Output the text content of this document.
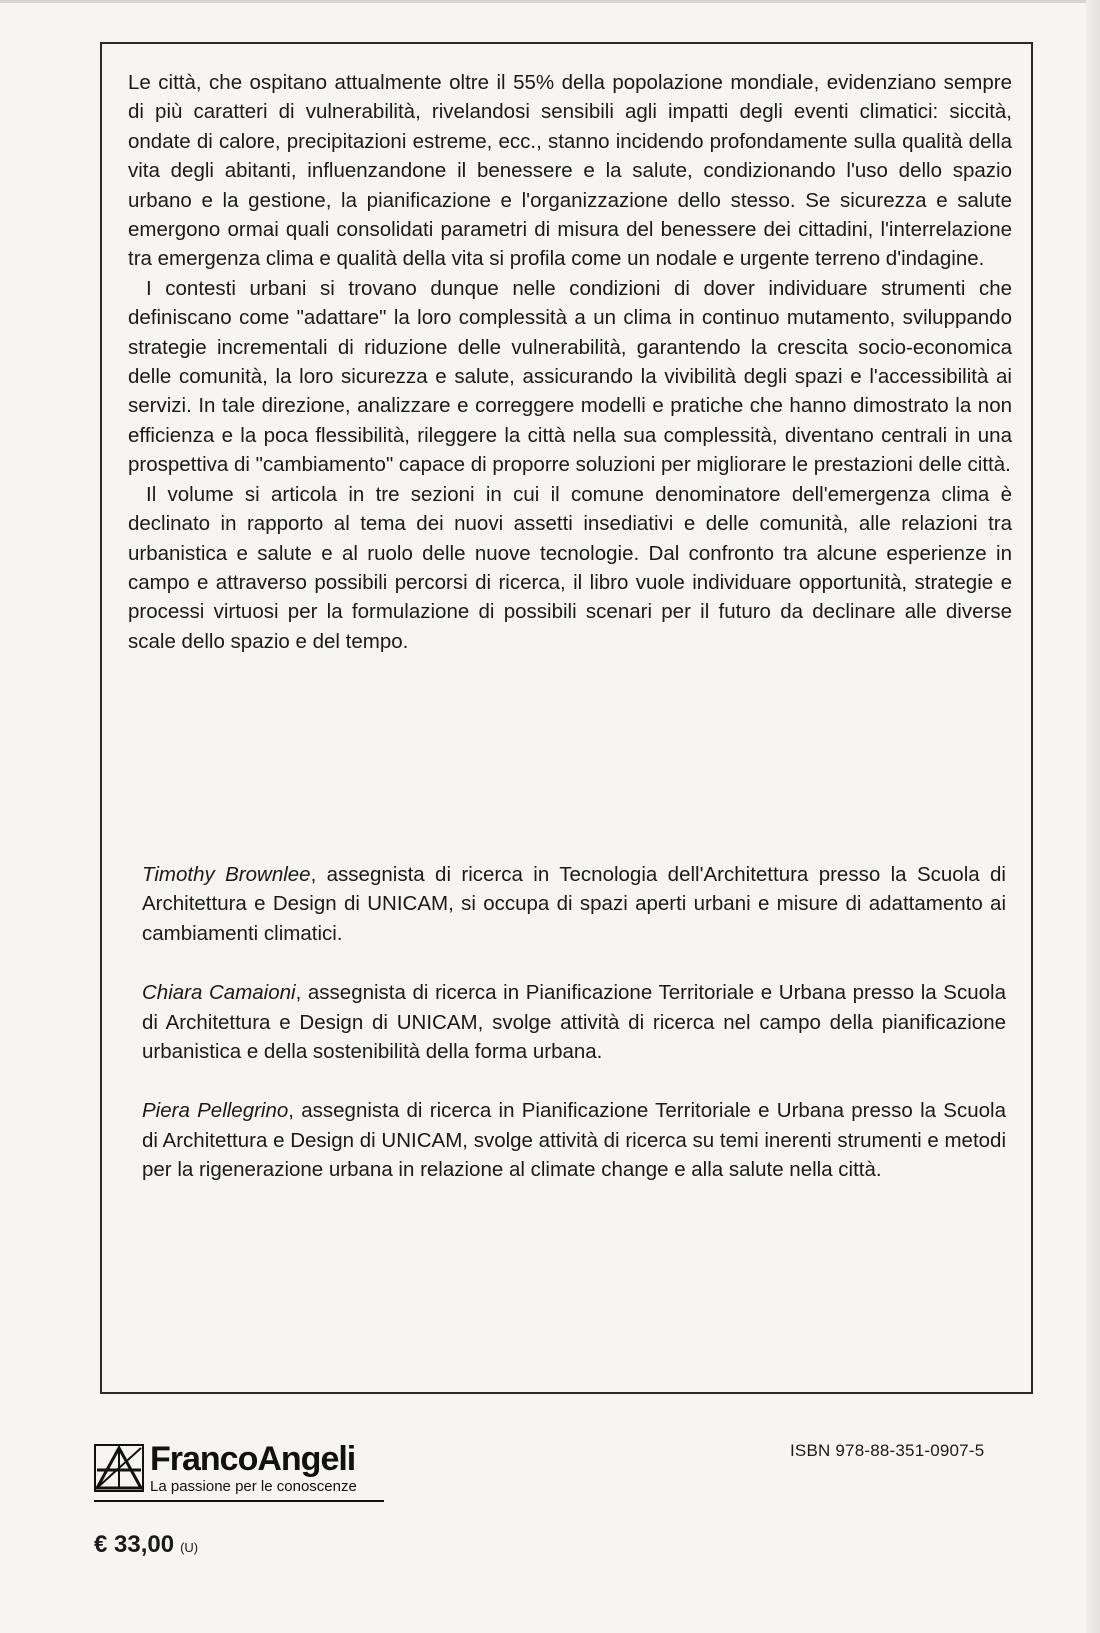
Le città, che ospitano attualmente oltre il 55% della popolazione mondiale, evidenziano sempre di più caratteri di vulnerabilità, rivelandosi sensibili agli impatti degli eventi climatici: siccità, ondate di calore, precipitazioni estreme, ecc., stanno incidendo profondamente sulla qualità della vita degli abitanti, influenzandone il benessere e la salute, condizionando l'uso dello spazio urbano e la gestione, la pianificazione e l'organizzazione dello stesso. Se sicurezza e salute emergono ormai quali consolidati parametri di misura del benessere dei cittadini, l'interrelazione tra emergenza clima e qualità della vita si profila come un nodale e urgente terreno d'indagine.

I contesti urbani si trovano dunque nelle condizioni di dover individuare strumenti che definiscano come "adattare" la loro complessità a un clima in continuo mutamento, sviluppando strategie incrementali di riduzione delle vulnerabilità, garantendo la crescita socio-economica delle comunità, la loro sicurezza e salute, assicurando la vivibilità degli spazi e l'accessibilità ai servizi. In tale direzione, analizzare e correggere modelli e pratiche che hanno dimostrato la non efficienza e la poca flessibilità, rileggere la città nella sua complessità, diventano centrali in una prospettiva di "cambiamento" capace di proporre soluzioni per migliorare le prestazioni delle città.

Il volume si articola in tre sezioni in cui il comune denominatore dell'emergenza clima è declinato in rapporto al tema dei nuovi assetti insediativi e delle comunità, alle relazioni tra urbanistica e salute e al ruolo delle nuove tecnologie. Dal confronto tra alcune esperienze in campo e attraverso possibili percorsi di ricerca, il libro vuole individuare opportunità, strategie e processi virtuosi per la formulazione di possibili scenari per il futuro da declinare alle diverse scale dello spazio e del tempo.

Timothy Brownlee, assegnista di ricerca in Tecnologia dell'Architettura presso la Scuola di Architettura e Design di UNICAM, si occupa di spazi aperti urbani e misure di adattamento ai cambiamenti climatici.

Chiara Camaioni, assegnista di ricerca in Pianificazione Territoriale e Urbana presso la Scuola di Architettura e Design di UNICAM, svolge attività di ricerca nel campo della pianificazione urbanistica e della sostenibilità della forma urbana.

Piera Pellegrino, assegnista di ricerca in Pianificazione Territoriale e Urbana presso la Scuola di Architettura e Design di UNICAM, svolge attività di ricerca su temi inerenti strumenti e metodi per la rigenerazione urbana in relazione al climate change e alla salute nella città.

FrancoAngeli
La passione per le conoscenze
ISBN 978-88-351-0907-5
€ 33,00 (U)
